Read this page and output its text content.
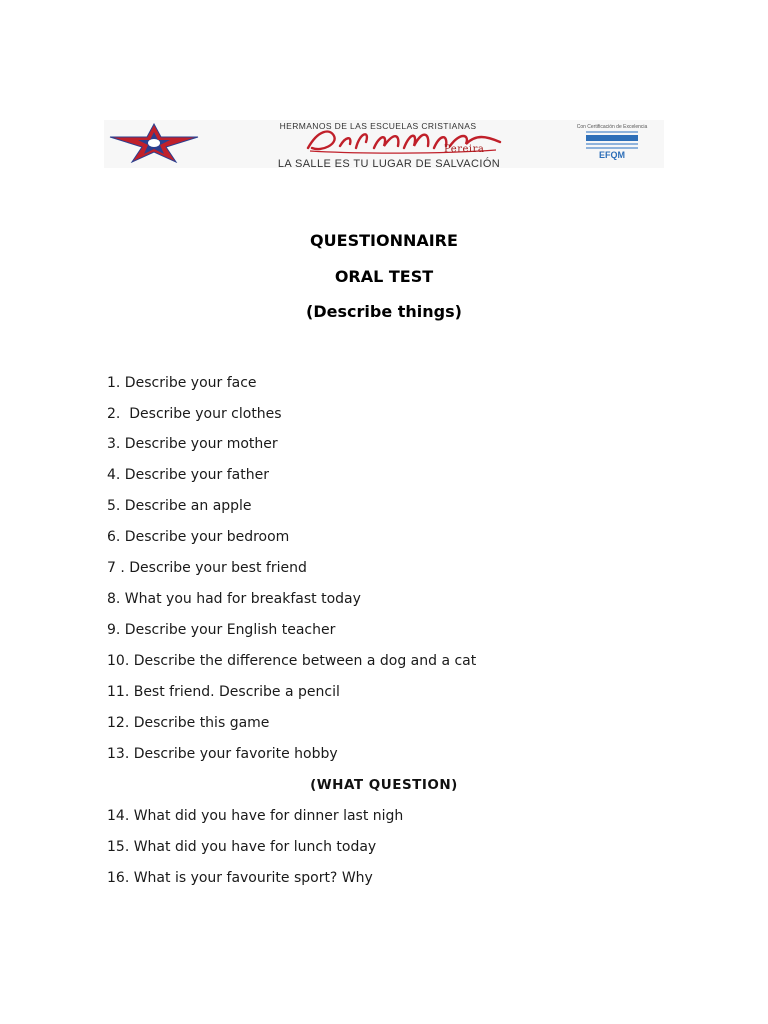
HERMANOS DE LAS ESCUELAS CRISTIANAS
Pereira
LA SALLE ES TU LUGAR DE SALVACIÓN
Con Certificación de Excelencia
EFQM
QUESTIONNAIRE
ORAL TEST
(Describe things)
1. Describe your face
2.  Describe your clothes
3. Describe your mother
4. Describe your father
5. Describe an apple
6. Describe your bedroom
7 . Describe your best friend
8. What you had for breakfast today
9. Describe your English teacher
10. Describe the difference between a dog and a cat
11. Best friend. Describe a pencil
12. Describe this game
13. Describe your favorite hobby
(WHAT QUESTION)
14. What did you have for dinner last nigh
15. What did you have for lunch today
16. What is your favourite sport? Why
